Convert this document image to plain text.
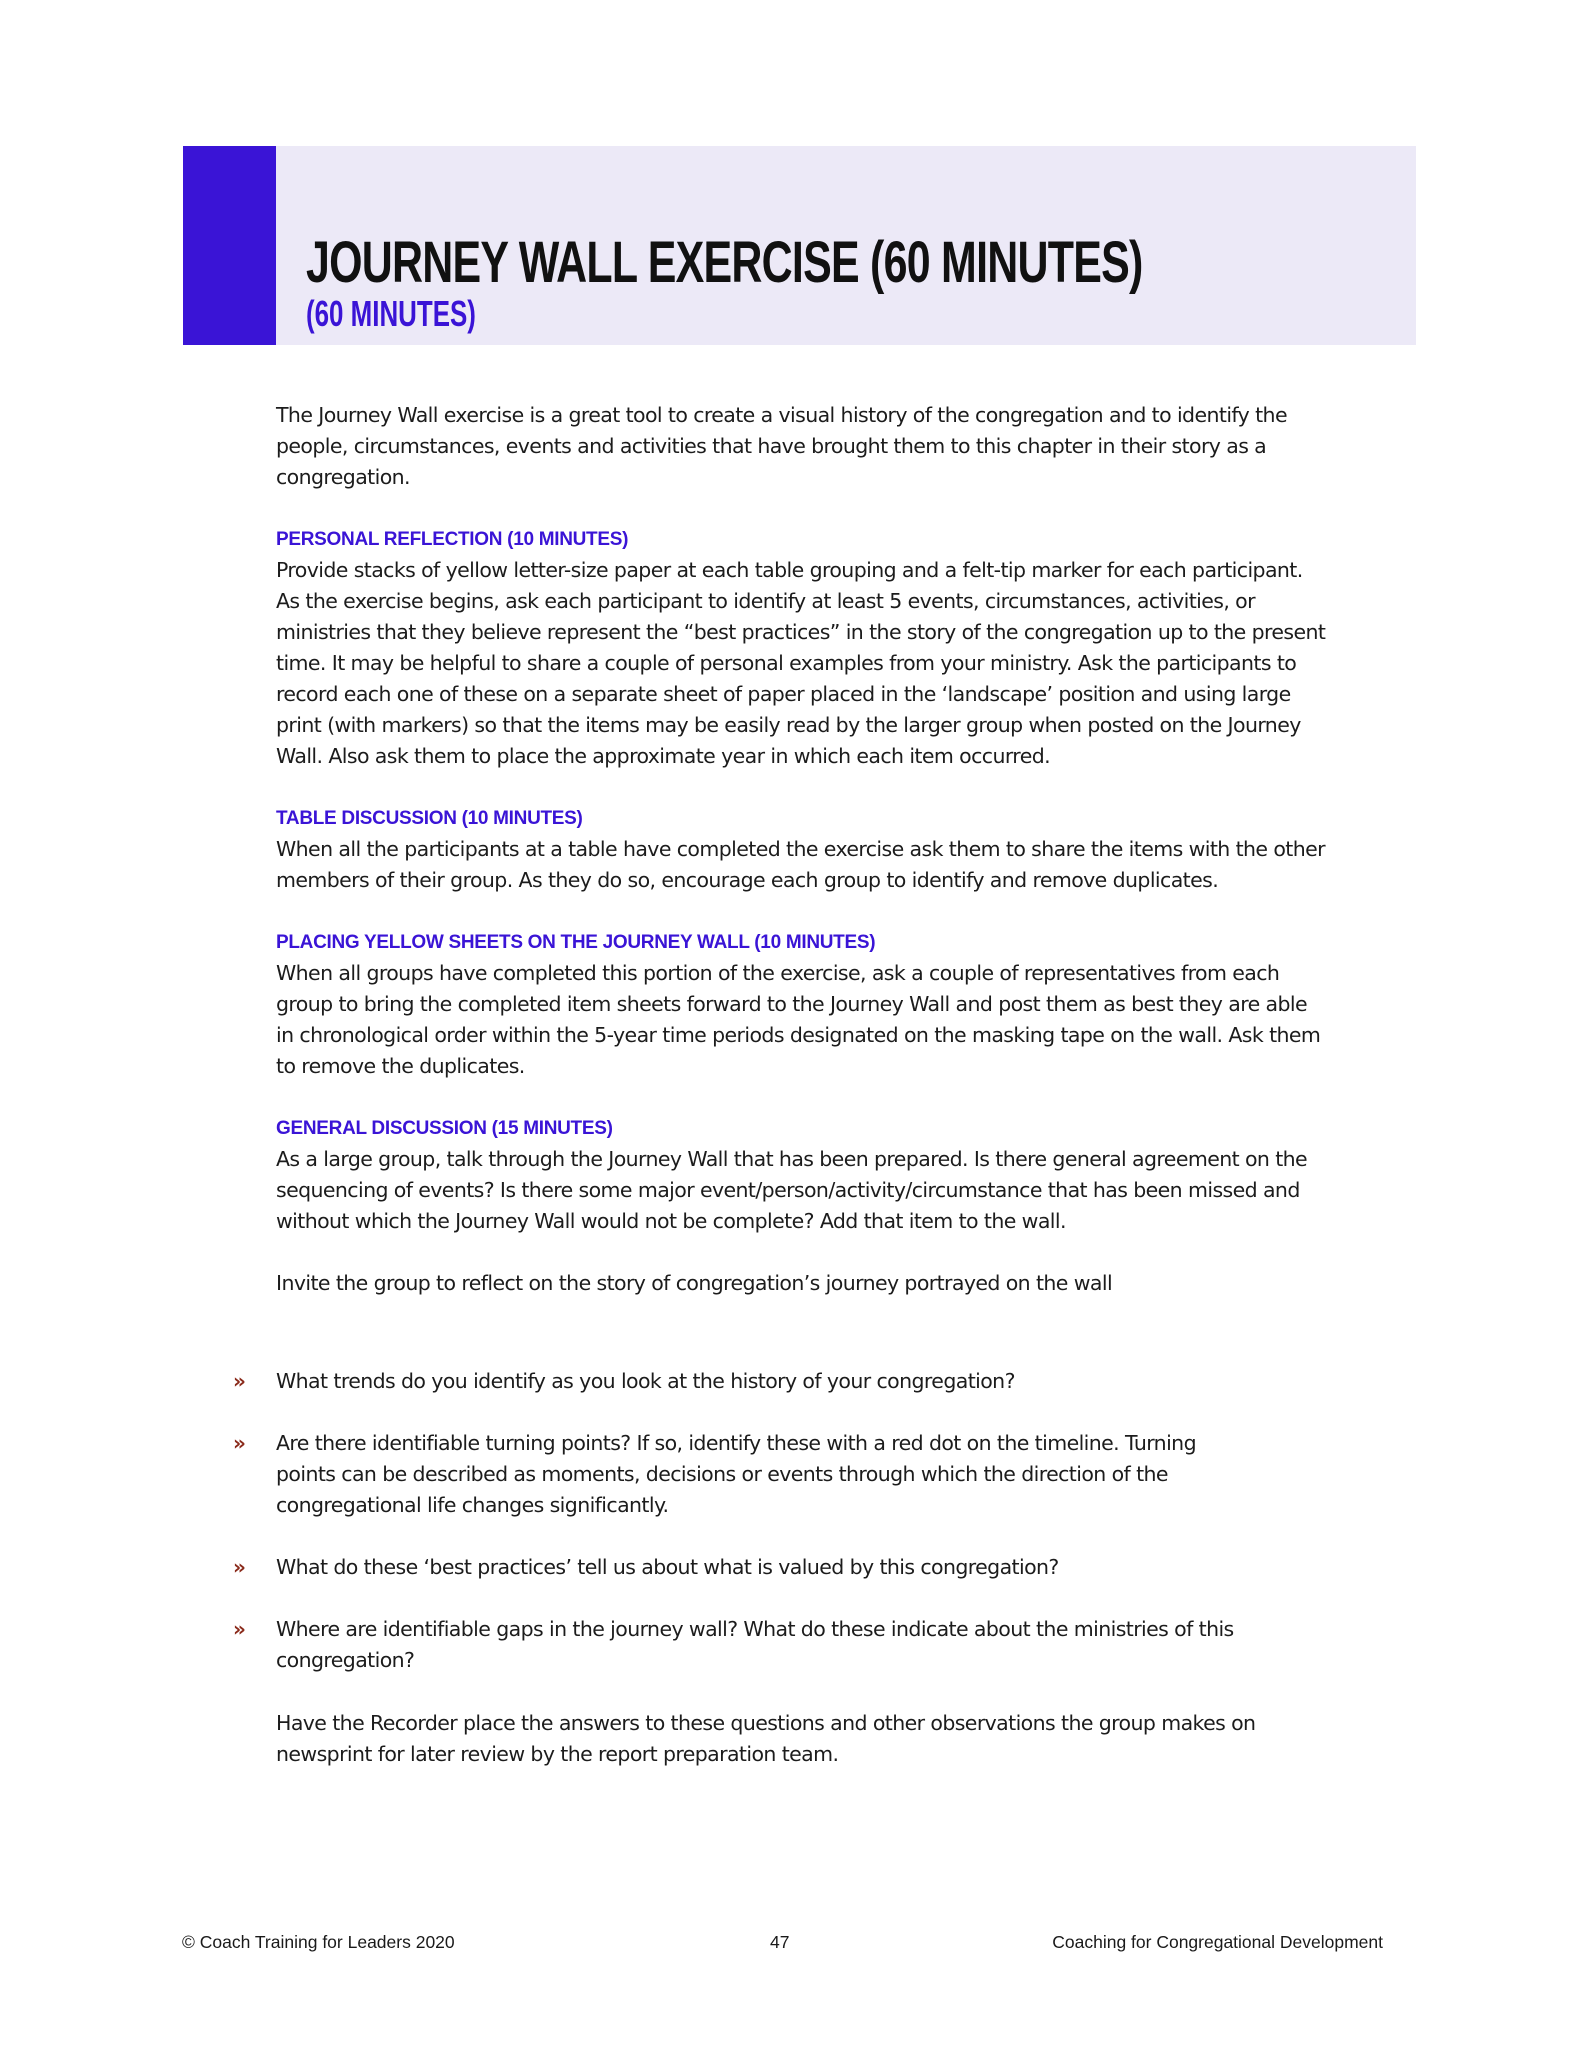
JOURNEY WALL EXERCISE (60 MINUTES)
(60 MINUTES)

The Journey Wall exercise is a great tool to create a visual history of the congregation and to identify the

people, circumstances, events and activities that have brought them to this chapter in their story as a

congregation.

PERSONAL REFLECTION (10 MINUTES)

Provide stacks of yellow letter-size paper at each table grouping and a felt-tip marker for each participant.

As the exercise begins, ask each participant to identify at least 5 events, circumstances, activities, or

ministries that they believe represent the “best practices” in the story of the congregation up to the present

time. It may be helpful to share a couple of personal examples from your ministry. Ask the participants to

record each one of these on a separate sheet of paper placed in the ‘landscape’ position and using large

print (with markers) so that the items may be easily read by the larger group when posted on the Journey

Wall. Also ask them to place the approximate year in which each item occurred.

TABLE DISCUSSION (10 MINUTES)

When all the participants at a table have completed the exercise ask them to share the items with the other

members of their group. As they do so, encourage each group to identify and remove duplicates.

PLACING YELLOW SHEETS ON THE JOURNEY WALL (10 MINUTES)

When all groups have completed this portion of the exercise, ask a couple of representatives from each

group to bring the completed item sheets forward to the Journey Wall and post them as best they are able

in chronological order within the 5-year time periods designated on the masking tape on the wall. Ask them

to remove the duplicates.

GENERAL DISCUSSION (15 MINUTES)

As a large group, talk through the Journey Wall that has been prepared. Is there general agreement on the

sequencing of events? Is there some major event/person/activity/circumstance that has been missed and

without which the Journey Wall would not be complete? Add that item to the wall.

Invite the group to reflect on the story of congregation’s journey portrayed on the wall

» What trends do you identify as you look at the history of your congregation?

» Are there identifiable turning points? If so, identify these with a red dot on the timeline. Turning

points can be described as moments, decisions or events through which the direction of the

congregational life changes significantly.

» What do these ‘best practices’ tell us about what is valued by this congregation?

» Where are identifiable gaps in the journey wall? What do these indicate about the ministries of this

congregation?

Have the Recorder place the answers to these questions and other observations the group makes on

newsprint for later review by the report preparation team.

© Coach Training for Leaders 2020	47	Coaching for Congregational Development
